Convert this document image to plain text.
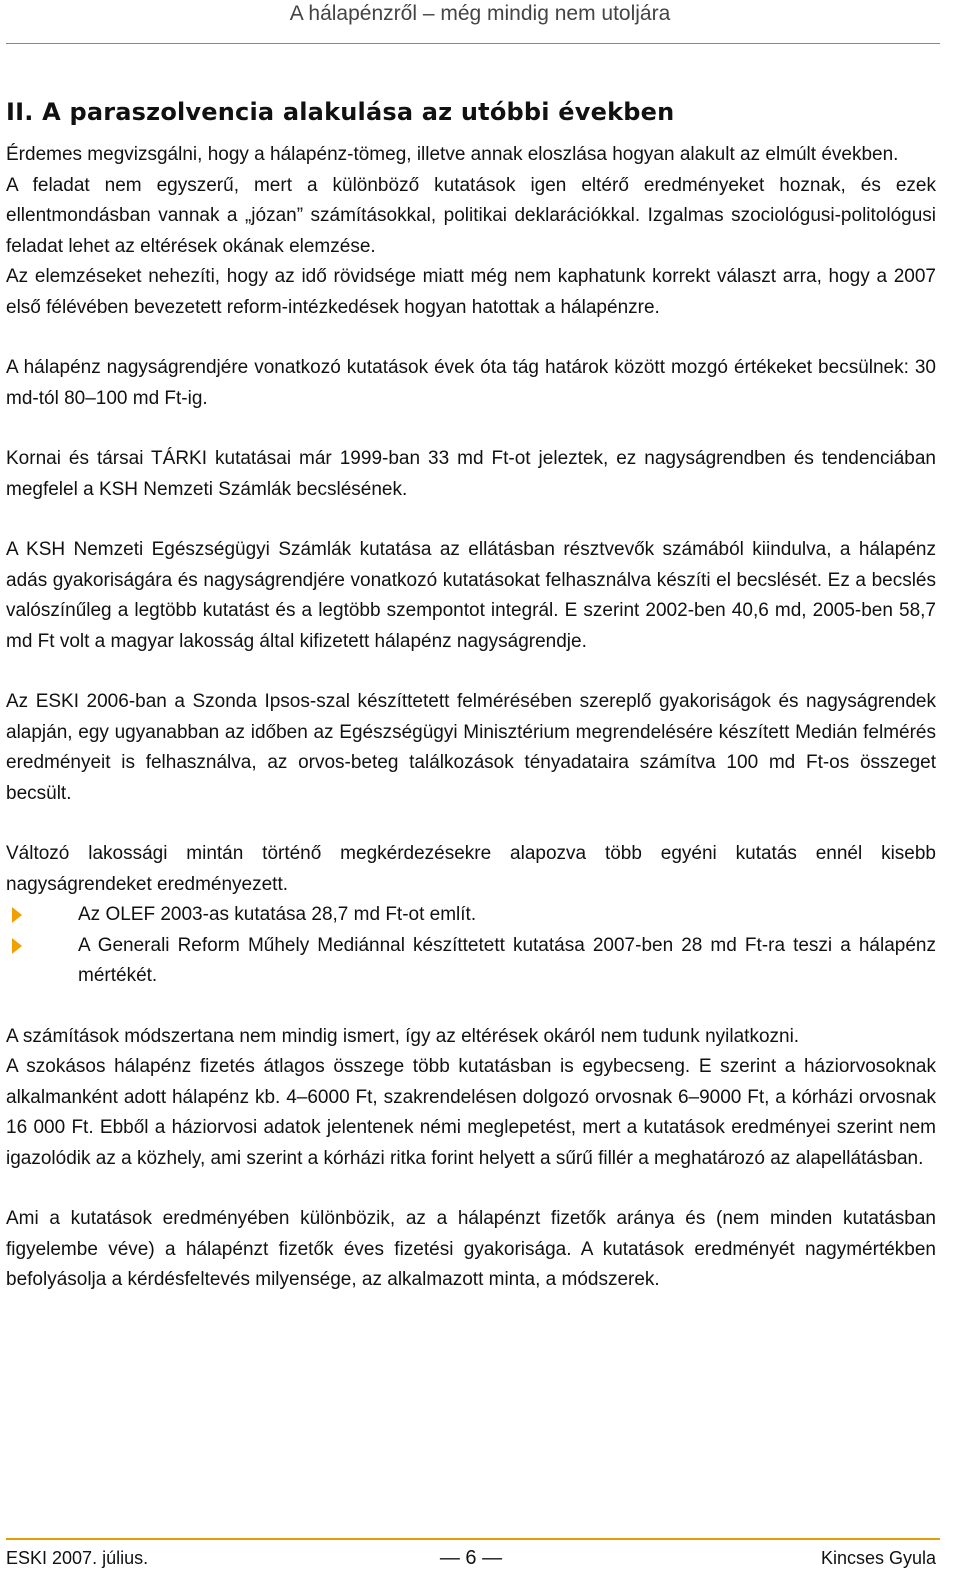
A hálapénzről – még mindig nem utoljára
II. A paraszolvencia alakulása az utóbbi években

Érdemes megvizsgálni, hogy a hálapénz-tömeg, illetve annak eloszlása hogyan alakult az elmúlt években.

A feladat nem egyszerű, mert a különböző kutatások igen eltérő eredményeket hoznak, és ezek ellentmondásban vannak a „józan” számításokkal, politikai deklarációkkal. Izgalmas szociológusi-politológusi feladat lehet az eltérések okának elemzése.

Az elemzéseket nehezíti, hogy az idő rövidsége miatt még nem kaphatunk korrekt választ arra, hogy a 2007 első félévében bevezetett reform-intézkedések hogyan hatottak a hálapénzre.

A hálapénz nagyságrendjére vonatkozó kutatások évek óta tág határok között mozgó értékeket becsülnek: 30 md-tól 80–100 md Ft-ig.

Kornai és társai TÁRKI kutatásai már 1999-ban 33 md Ft-ot jeleztek, ez nagyságrendben és tendenciában megfelel a KSH Nemzeti Számlák becslésének.

A KSH Nemzeti Egészségügyi Számlák kutatása az ellátásban résztvevők számából kiindulva, a hálapénz adás gyakoriságára és nagyságrendjére vonatkozó kutatásokat felhasználva készíti el becslését. Ez a becslés valószínűleg a legtöbb kutatást és a legtöbb szempontot integrál. E szerint 2002-ben 40,6 md, 2005-ben 58,7 md Ft volt a magyar lakosság által kifizetett hálapénz nagyságrendje.

Az ESKI 2006-ban a Szonda Ipsos-szal készíttetett felmérésében szereplő gyakoriságok és nagyságrendek alapján, egy ugyanabban az időben az Egészségügyi Minisztérium megrendelésére készített Medián felmérés eredményeit is felhasználva, az orvos-beteg találkozások tényadataira számítva 100 md Ft-os összeget becsült.

Változó lakossági mintán történő megkérdezésekre alapozva több egyéni kutatás ennél kisebb nagyságrendeket eredményezett.

Az OLEF 2003-as kutatása 28,7 md Ft-ot említ.
A Generali Reform Műhely Mediánnal készíttetett kutatása 2007-ben 28 md Ft-ra teszi a hálapénz mértékét.

A számítások módszertana nem mindig ismert, így az eltérések okáról nem tudunk nyilatkozni.

A szokásos hálapénz fizetés átlagos összege több kutatásban is egybecseng. E szerint a háziorvosoknak alkalmanként adott hálapénz kb. 4–6000 Ft, szakrendelésen dolgozó orvosnak 6–9000 Ft, a kórházi orvosnak 16 000 Ft. Ebből a háziorvosi adatok jelentenek némi meglepetést, mert a kutatások eredményei szerint nem igazolódik az a közhely, ami szerint a kórházi ritka forint helyett a sűrű fillér a meghatározó az alapellátásban.

Ami a kutatások eredményében különbözik, az a hálapénzt fizetők aránya és (nem minden kutatásban figyelembe véve) a hálapénzt fizetők éves fizetési gyakorisága. A kutatások eredményét nagymértékben befolyásolja a kérdésfeltevés milyensége, az alkalmazott minta, a módszerek.

ESKI 2007. július.	— 6 —	Kincses Gyula
